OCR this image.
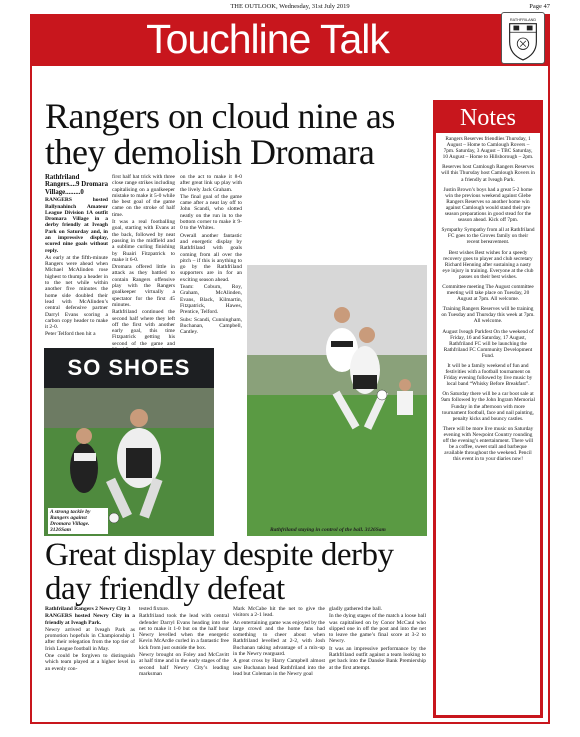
THE OUTLOOK, Wednesday, 31st July 2019	Page 47
Touchline Talk	RATHFRILAND
Rangers on cloud nine as they demolish Dromara

Rathfriland Rangers....9 Dromara Village.........0

RANGERS hosted Ballynahinch Amateur League Division 1A outfit Dromara Village in a derby friendly at Iveagh Park on Saturday and, in an impressive display, scored nine goals without reply.

As early at the fifth-minute Rangers were ahead when Michael McAlinden rose highest to thump a header in to the net while within another five minutes the home side doubled their lead with McAlinden’s central defensive partner Darryl Evans scoring a carbon copy header to make it 2-0.

Peter Telford then hit a

first half hat trick with three close range strikes including capitalising on a goalkeeper mistake to make it 5-0 while the best goal of the game came on the stroke of half time.

It was a real footballing goal, starting with Evans at the back, followed by neat passing in the midfield and a sublime curling finishing by Ruairi Fitzpatrick to make it 6-0.

Dromara offered little in attack as they battled to contain Rangers offensive play with the Rangers goalkeeper virtually a spectator for the first 45 minutes.

Rathfriland continued the second half where they left off the first with another early goal, this time Fitzpatrick getting his second of the game and

on the act to make it 8-0 after great link up play with the lively Jack Graham.

The final goal of the game came after a neat lay off to John Scandi, who slotted neatly on the run in to the bottom corner to make it 9-0 to the Whites.

Overall another fantastic and energetic display by Rathfriland with goals coming from all over the pitch – if this is anything to go by the Rathfriland supporters are in for an exciting season ahead.

Team: Coburn, Roy, Graham, McAlinden, Evans, Black, Kilmartin, Fitzpatrick, Hawes, Prentice, Telford.

Subs: Scandi, Cunningham, Buchanan, Campbell, Cantley.

SO SHOES
A strong tackle by Rangers against Dromara Village. 3126Sam	Rathfriland staying in control of the ball. 3126Sam
Great display despite derby day friendly defeat

Rathfriland Rangers 2 Newry City 3

RANGERS hosted Newry City in a friendly at Iveagh Park.

Newry arrived at Iveagh Park as promotion hopefuls in Championship 1 after their relegation from the top tier of Irish League football in May.

One could be forgiven to distinguish which team played at a higher level in an evenly con-

tested fixture.

Rathfriland took the lead with central defender Darryl Evans heading into the net to make it 1-0 but on the half hour Newry levelled when the energetic Kevin McArdle curled in a fantastic free kick from just outside the box.

Newry brought on Foley and McCavitt at half time and in the early stages of the second half Newry City’s leading marksman

Mark McCabe hit the net to give the visitors a 2-1 lead.

An entertaining game was enjoyed by the large crowd and the home fans had something to cheer about when Rathfriland levelled at 2-2, with Josh Buchanan taking advantage of a mix-up in the Newry rearguard.

A great cross by Harry Campbell almost saw Buchanan head Rathfriland into the lead but Coleman in the Newry goal

gladly gathered the ball.

In the dying stages of the match a loose ball was capitalised on by Conor McCaul who slipped one in off the post and into the net to leave the game’s final score at 3-2 to Newry.

It was an impressive performance by the Rathfriland outfit against a team looking to get back into the Danske Bank Premiership at the first attempt.

Notes

Rangers Reserves friendlies Thursday, 1 August – Home to Camlough Rovers – 7pm. Saturday, 3 August – TBC Saturday, 10 August – Home to Hillsborough – 2pm.

Reserves host Camlough Rangers Reserves will this Thursday host Camlough Rovers in a friendly at Iveagh Park.

Justin Brown’s boys had a great 5-2 home win the previous weekend against Glebe Rangers Reserves so another home win against Camlough would stand their pre season preparations in good stead for the season ahead. Kick off 7pm.

Sympathy Sympathy from all at Rathfriland FC goes to the Groves family on their recent bereavement.

Best wishes Best wishes for a speedy recovery goes to player and club secretary Richard Henning after sustaining a nasty eye injury in training. Everyone at the club passes on their best wishes.

Committee meeting The August committee meeting will take place on Tuesday, 20 August at 7pm. All welcome.

Training Rangers Reserves will be training on Tuesday and Thursday this week at 7pm. All welcome.

August Iveagh Parkfest On the weekend of Friday, 16 and Saturday, 17 August, Rathfriland FC will be launching the Rathfriland FC Community Development Fund.

It will be a family weekend of fun and festivities with a football tournament on Friday evening followed by live music by local band “Whisky Before Breakfast”.

On Saturday there will be a car boot sale at 9am followed by the John Ingram Memorial Funday in the afternoon with more tournament football, face and nail painting, penalty kicks and bouncy castles.

There will be more live music on Saturday evening with Newpoint Country rounding off the evening’s entertainment. There will be a coffee, sweet stall and barbeque available throughout the weekend. Pencil this event in to your diaries now!
